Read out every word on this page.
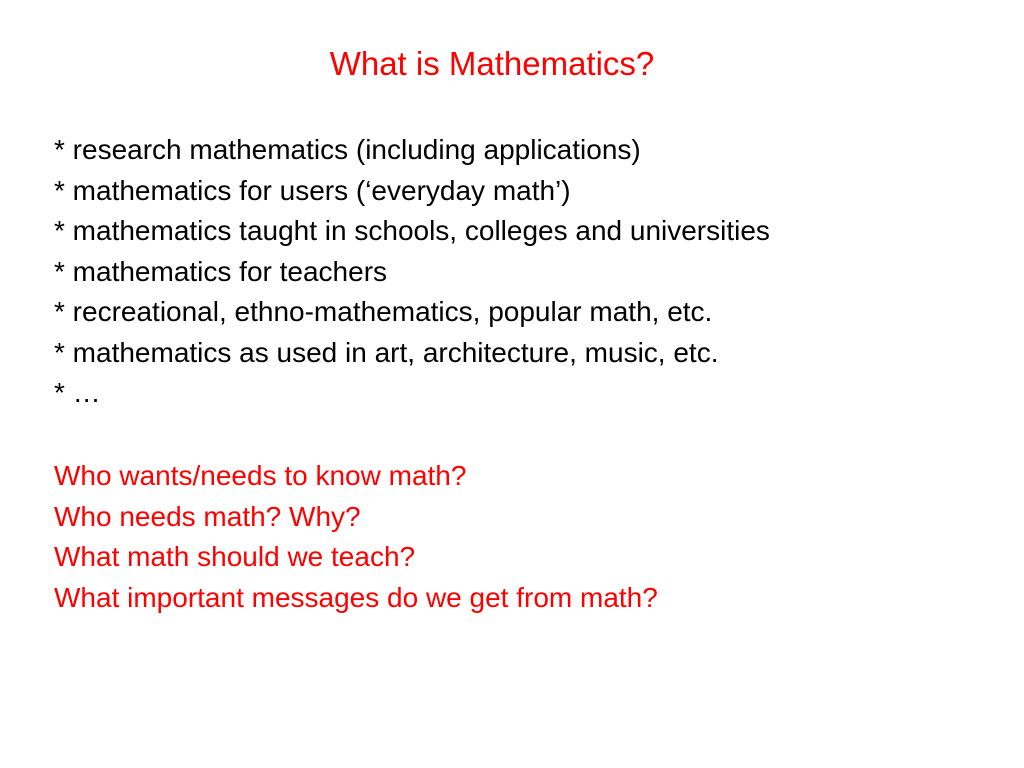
What is Mathematics?
* research mathematics (including applications)
* mathematics for users (‘everyday math’)
* mathematics taught in schools, colleges and universities
* mathematics for teachers
* recreational, ethno-mathematics, popular math, etc.
* mathematics as used in art, architecture, music, etc.
* …
Who wants/needs to know math?
Who needs math? Why?
What math should we teach?
What important messages do we get from math?
